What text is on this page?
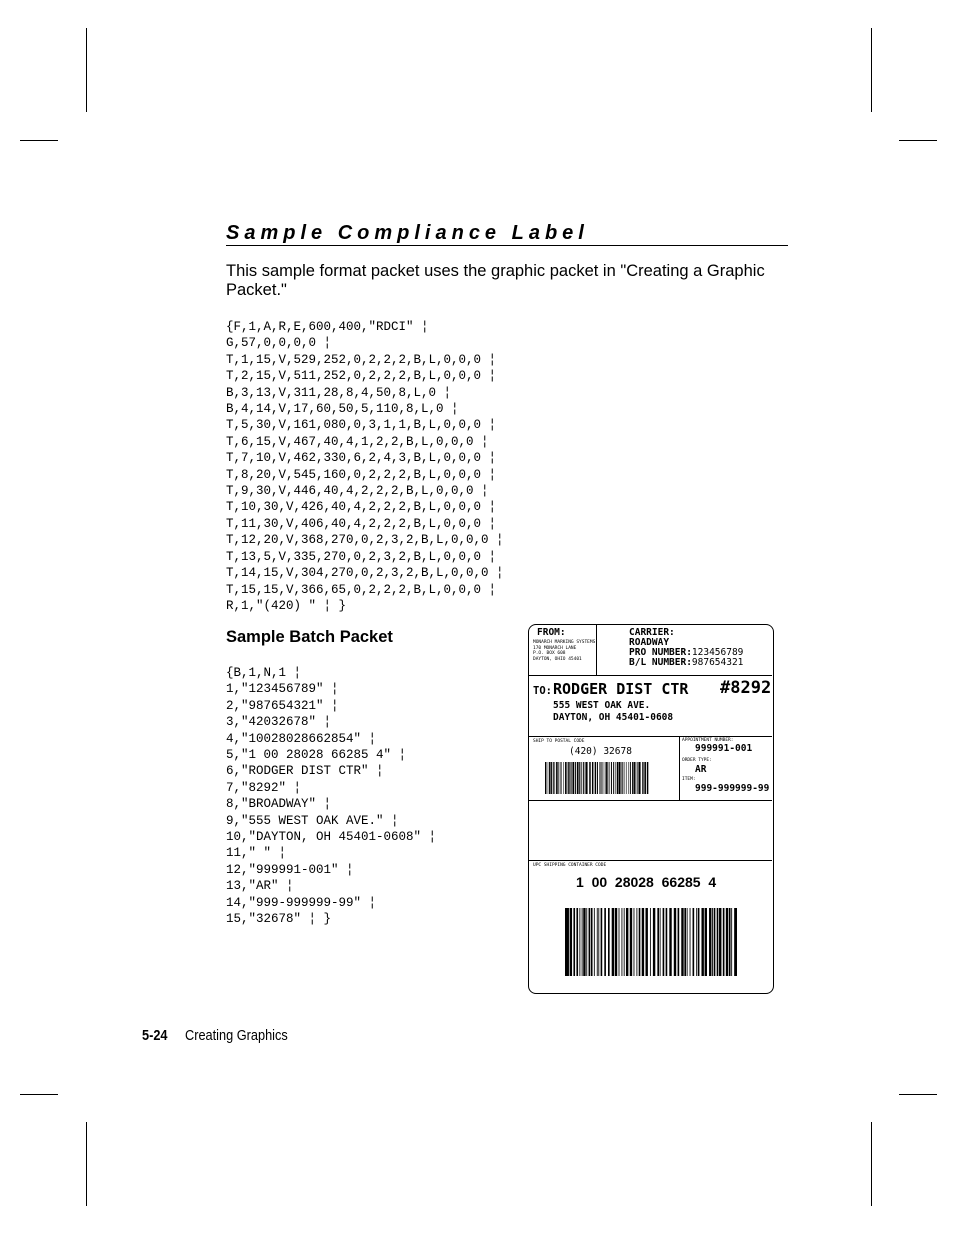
Sample Compliance Label

This sample format packet uses the graphic packet in "Creating a Graphic Packet."

{F,1,A,R,E,600,400,"RDCI" ¦
G,57,0,0,0,0 ¦
T,1,15,V,529,252,0,2,2,2,B,L,0,0,0 ¦
T,2,15,V,511,252,0,2,2,2,B,L,0,0,0 ¦
B,3,13,V,311,28,8,4,50,8,L,0 ¦
B,4,14,V,17,60,50,5,110,8,L,0 ¦
T,5,30,V,161,080,0,3,1,1,B,L,0,0,0 ¦
T,6,15,V,467,40,4,1,2,2,B,L,0,0,0 ¦
T,7,10,V,462,330,6,2,4,3,B,L,0,0,0 ¦
T,8,20,V,545,160,0,2,2,2,B,L,0,0,0 ¦
T,9,30,V,446,40,4,2,2,2,B,L,0,0,0 ¦
T,10,30,V,426,40,4,2,2,2,B,L,0,0,0 ¦
T,11,30,V,406,40,4,2,2,2,B,L,0,0,0 ¦
T,12,20,V,368,270,0,2,3,2,B,L,0,0,0 ¦
T,13,5,V,335,270,0,2,3,2,B,L,0,0,0 ¦
T,14,15,V,304,270,0,2,3,2,B,L,0,0,0 ¦
T,15,15,V,366,65,0,2,2,2,B,L,0,0,0 ¦
R,1,"(420) " ¦ }
Sample Batch Packet
{B,1,N,1 ¦
1,"123456789" ¦
2,"987654321" ¦
3,"42032678" ¦
4,"10028028662854" ¦
5,"1 00 28028 66285 4" ¦
6,"RODGER DIST CTR" ¦
7,"8292" ¦
8,"BROADWAY" ¦
9,"555 WEST OAK AVE." ¦
10,"DAYTON, OH 45401-0608" ¦
11," " ¦
12,"999991-001" ¦
13,"AR" ¦
14,"999-999999-99" ¦
15,"32678" ¦ }
FROM:
MONARCH MARKING SYSTEMS
170 MONARCH LANE
P.O. BOX 608
DAYTON, OHIO 45401
CARRIER:
ROADWAY
PRO NUMBER:123456789
B/L NUMBER:987654321
TO: RODGER DIST CTR #8292
555 WEST OAK AVE.
DAYTON, OH 45401-0608
SHIP TO POSTAL CODE
(420) 32678
APPOINTMENT NUMBER:
999991-001
ORDER TYPE:
AR
ITEM:
999-999999-99
UPC SHIPPING CONTAINER CODE
1  00  28028  66285  4
5-24 Creating Graphics
